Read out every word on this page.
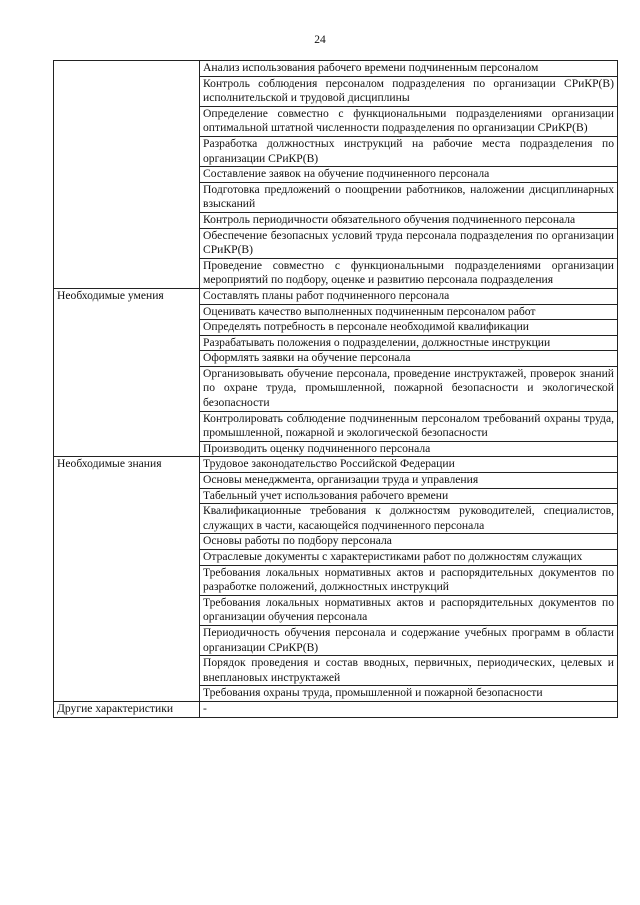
24
	Анализ использования рабочего времени подчиненным персоналом
	Контроль соблюдения персоналом подразделения по организации СРиКР(В) исполнительской и трудовой дисциплины
	Определение совместно с функциональными подразделениями организации оптимальной штатной численности подразделения по организации СРиКР(В)
	Разработка должностных инструкций на рабочие места подразделения по организации СРиКР(В)
	Составление заявок на обучение подчиненного персонала
	Подготовка предложений о поощрении работников, наложении дисциплинарных взысканий
	Контроль периодичности обязательного обучения подчиненного персонала
	Обеспечение безопасных условий труда персонала подразделения по организации СРиКР(В)
	Проведение совместно с функциональными подразделениями организации мероприятий по подбору, оценке и развитию персонала подразделения
Необходимые умения	Составлять планы работ подчиненного персонала
	Оценивать качество выполненных подчиненным персоналом работ
	Определять потребность в персонале необходимой квалификации
	Разрабатывать положения о подразделении, должностные инструкции
	Оформлять заявки на обучение персонала
	Организовывать обучение персонала, проведение инструктажей, проверок знаний по охране труда, промышленной, пожарной безопасности и экологической безопасности
	Контролировать соблюдение подчиненным персоналом требований охраны труда, промышленной, пожарной и экологической безопасности
	Производить оценку подчиненного персонала
Необходимые знания	Трудовое законодательство Российской Федерации
	Основы менеджмента, организации труда и управления
	Табельный учет использования рабочего времени
	Квалификационные требования к должностям руководителей, специалистов, служащих в части, касающейся подчиненного персонала
	Основы работы по подбору персонала
	Отраслевые документы с характеристиками работ по должностям служащих
	Требования локальных нормативных актов и распорядительных документов по разработке положений, должностных инструкций
	Требования локальных нормативных актов и распорядительных документов по организации обучения персонала
	Периодичность обучения персонала и содержание учебных программ в области организации СРиКР(В)
	Порядок проведения и состав вводных, первичных, периодических, целевых и внеплановых инструктажей
	Требования охраны труда, промышленной и пожарной безопасности
Другие характеристики	-
